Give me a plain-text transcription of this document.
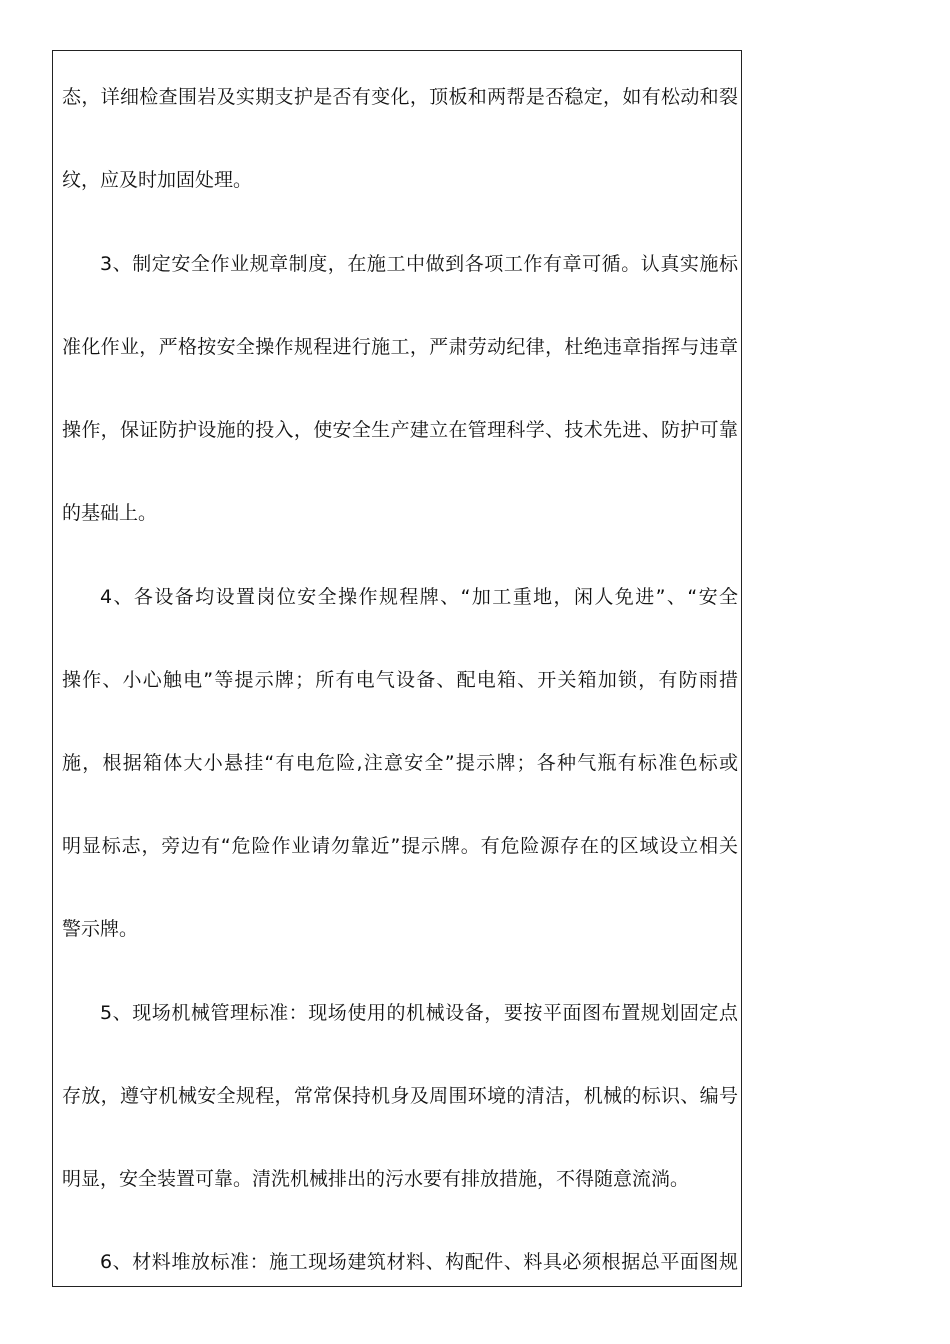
态，详细检查围岩及实期支护是否有变化，顶板和两帮是否稳定，如有松动和裂
纹，应及时加固处理。
3、制定安全作业规章制度，在施工中做到各项工作有章可循。认真实施标
准化作业，严格按安全操作规程进行施工，严肃劳动纪律，杜绝违章指挥与违章
操作，保证防护设施的投入，使安全生产建立在管理科学、技术先进、防护可靠
的基础上。
4、各设备均设置岗位安全操作规程牌、“加工重地，闲人免进”、“安全
操作、小心触电”等提示牌；所有电气设备、配电箱、开关箱加锁，有防雨措
施，根据箱体大小悬挂“有电危险,注意安全”提示牌；各种气瓶有标准色标或
明显标志，旁边有“危险作业请勿靠近”提示牌。有危险源存在的区域设立相关
警示牌。
5、现场机械管理标准：现场使用的机械设备，要按平面图布置规划固定点
存放，遵守机械安全规程，常常保持机身及周围环境的清洁，机械的标识、编号
明显，安全装置可靠。清洗机械排出的污水要有排放措施，不得随意流淌。
6、材料堆放标准：施工现场建筑材料、构配件、料具必须根据总平面图规
